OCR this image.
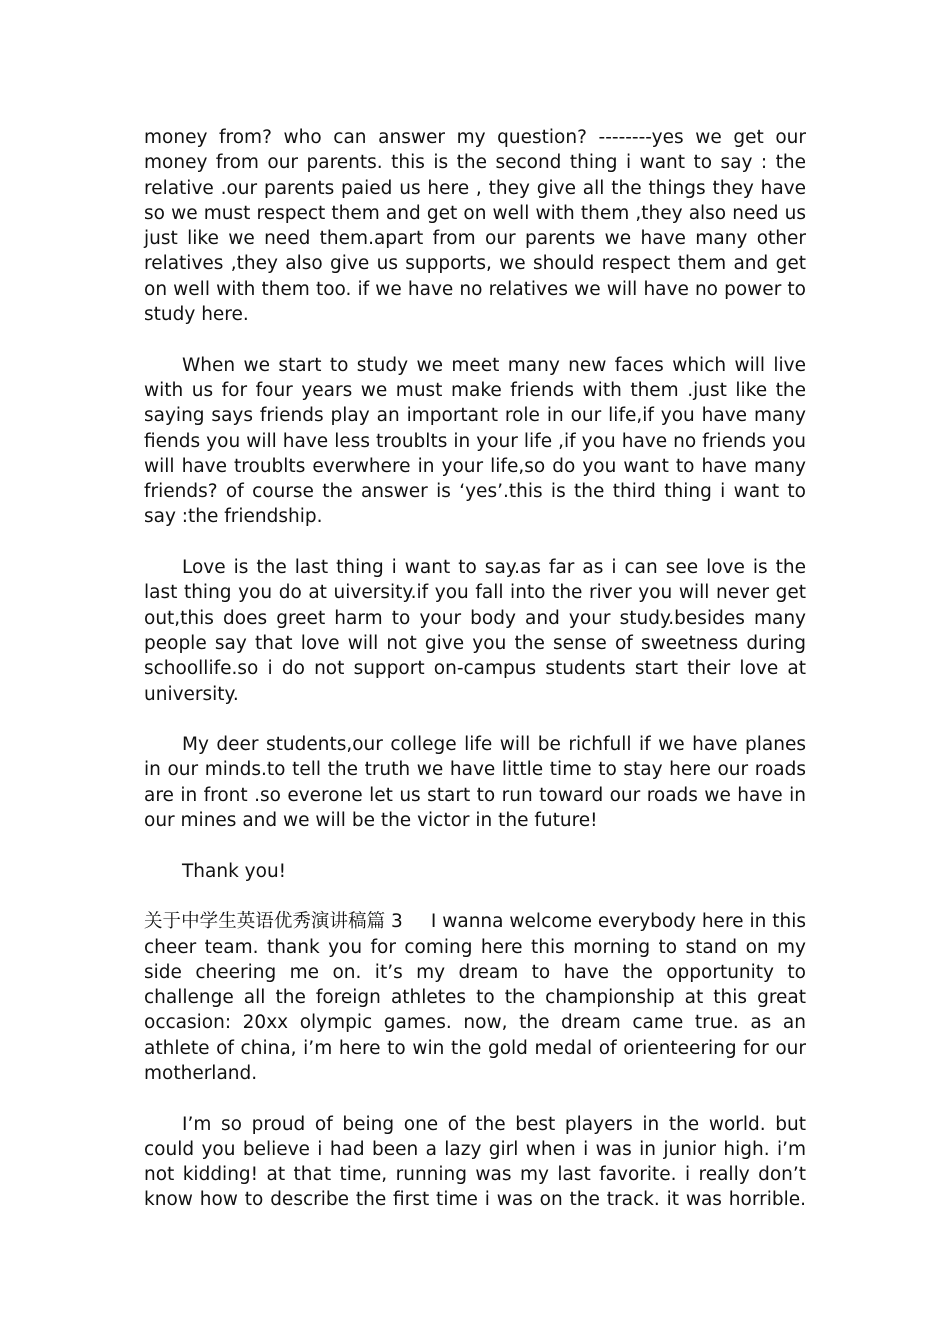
money from? who can answer my question? --------yes we get our money from our parents. this is the second thing i want to say : the relative .our parents paied us here , they give all the things they have so we must respect them and get on well with them ,they also need us just like we need them.apart from our parents we have many other relatives ,they also give us supports, we should respect them and get on well with them too. if we have no relatives we will have no power to study here.

When we start to study we meet many new faces which will live with us for four years we must make friends with them .just like the saying says friends play an important role in our life,if you have many fiends you will have less troublts in your life ,if you have no friends you will have troublts everwhere in your life,so do you want to have many friends? of course the answer is ‘yes’.this is the third thing i want to say :the friendship.

Love is the last thing i want to say.as far as i can see love is the last thing you do at uiversity.if you fall into the river you will never get out,this does greet harm to your body and your study.besides many people say that love will not give you the sense of sweetness during schoollife.so i do not support on-campus students start their love at university.

My deer students,our college life will be richfull if we have planes in our minds.to tell the truth we have little time to stay here our roads are in front .so everone let us start to run toward our roads we have in our mines and we will be the victor in the future!

Thank you!

关于中学生英语优秀演讲稿篇 3 I wanna welcome everybody here in this cheer team. thank you for coming here this morning to stand on my side cheering me on. it’s my dream to have the opportunity to challenge all the foreign athletes to the championship at this great occasion: 20xx olympic games. now, the dream came true. as an athlete of china, i’m here to win the gold medal of orienteering for our motherland.

I’m so proud of being one of the best players in the world. but could you believe i had been a lazy girl when i was in junior high. i’m not kidding! at that time, running was my last favorite. i really don’t know how to describe the first time i was on the track. it was horrible.
